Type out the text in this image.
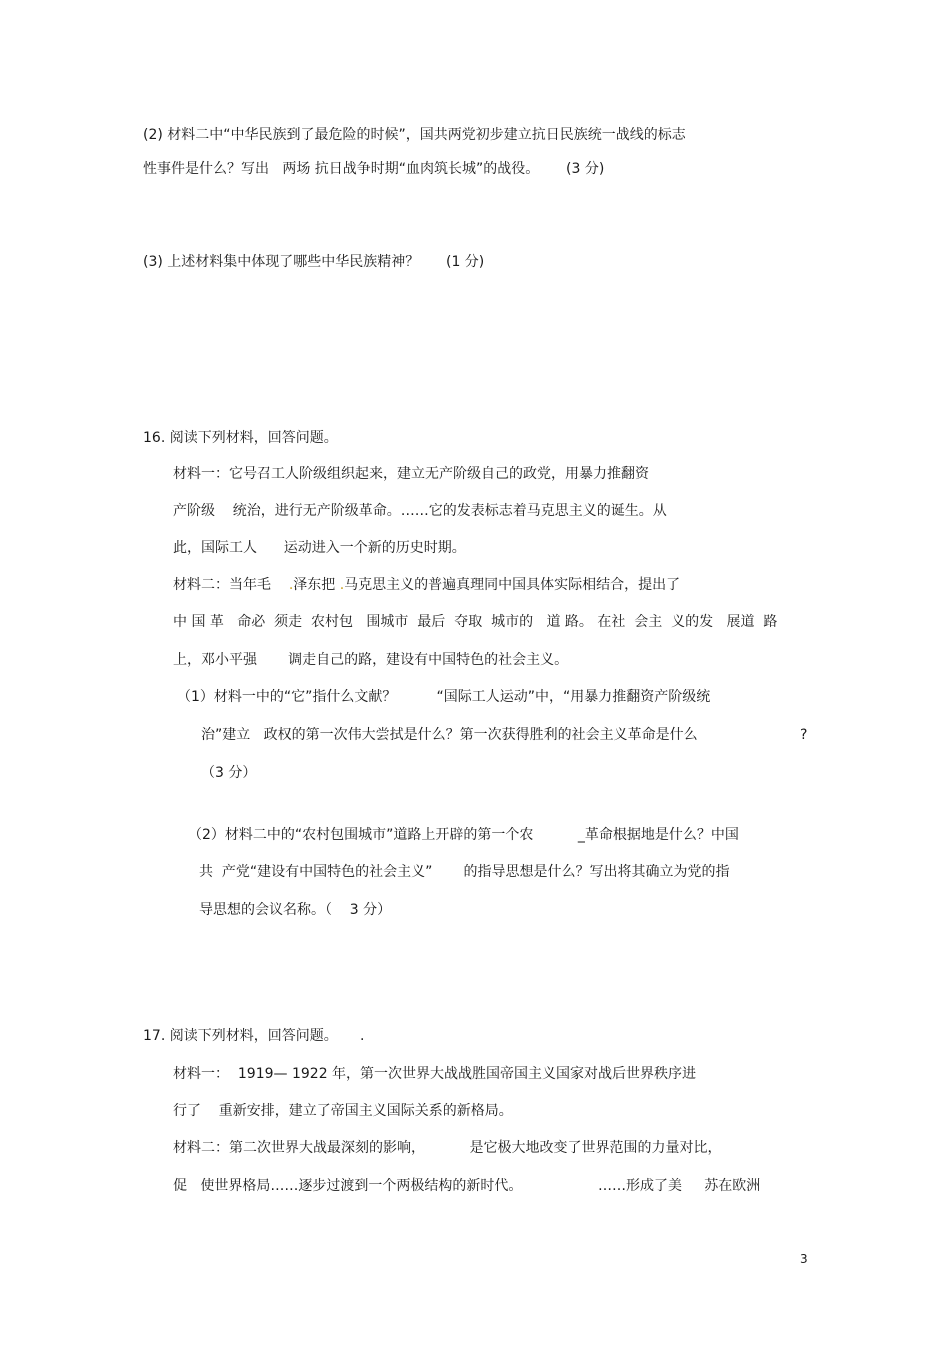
(2) 材料二中“中华民族到了最危险的时候”，国共两党初步建立抗日民族统一战线的标志
性事件是什么？写出   两场 抗日战争时期“血肉筑长城”的战役。      (3 分)
(3) 上述材料集中体现了哪些中华民族精神？      (1 分)
16. 阅读下列材料，回答问题。
材料一：它号召工人阶级组织起来，建立无产阶级自己的政党，用暴力推翻资
产阶级    统治，进行无产阶级革命。……它的发表标志着马克思主义的诞生。从
此，国际工人      运动进入一个新的历史时期。
材料二：当年毛    .泽东把 .马克思主义的普遍真理同中国具体实际相结合，提出了
中 国 革   命必  须走  农村包   围城市  最后  夺取  城市的   道 路。 在社  会主  义的发   展道  路
上，邓小平强       调走自己的路，建设有中国特色的社会主义。
（1）材料一中的“它”指什么文献？         “国际工人运动”中，“用暴力推翻资产阶级统
治”建立   政权的第一次伟大尝拭是什么？第一次获得胜利的社会主义革命是什么	?
（3 分）
（2）材料二中的“农村包围城市”道路上开辟的第一个农          _革命根据地是什么？中国
共  产党“建设有中国特色的社会主义”       的指导思想是什么？写出将其确立为党的指
导思想的会议名称。（    3 分）
17. 阅读下列材料，回答问题。     .
材料一：  1919— 1922 年，第一次世界大战战胜国帝国主义国家对战后世界秩序进
行了    重新安排，建立了帝国主义国际关系的新格局。
材料二：第二次世界大战最深刻的影响，          是它极大地改变了世界范围的力量对比，
促   使世界格局……逐步过渡到一个两极结构的新时代。                 ……形成了美     苏在欧洲
3
